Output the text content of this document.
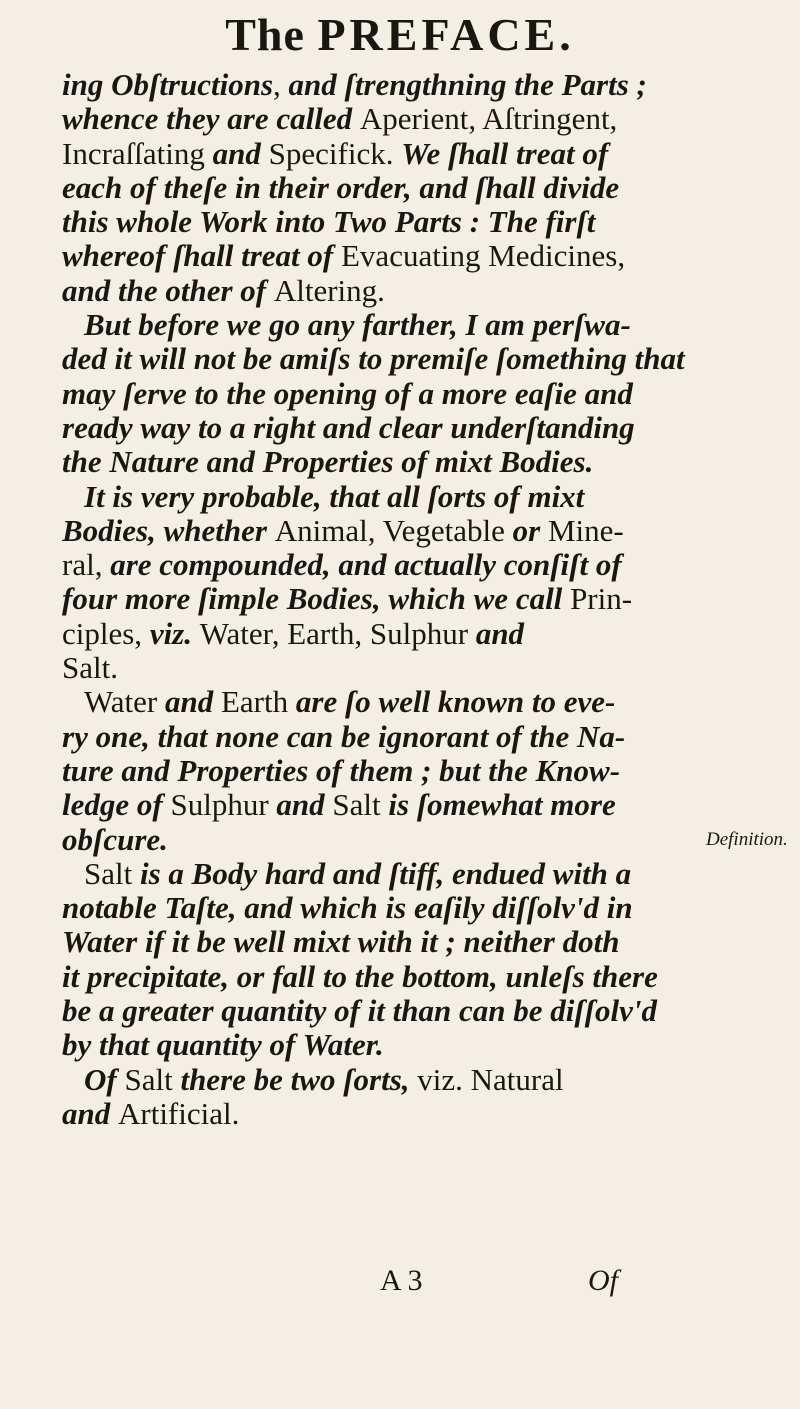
The PREFACE.
ing Obſtructions, and ſtrengthning the Parts ;
whence they are called Aperient, Aſtringent,
Incraſſating and Specifick. We ſhall treat of
each of theſe in their order, and ſhall divide
this whole Work into Two Parts : The firſt
whereof ſhall treat of Evacuating Medicines,
and the other of Altering.
But before we go any farther, I am perſwa-
ded it will not be amiſs to premiſe ſomething that
may ſerve to the opening of a more eaſie and
ready way to a right and clear underſtanding
the Nature and Properties of mixt Bodies.
It is very probable, that all ſorts of mixt
Bodies, whether Animal, Vegetable or Mine-
ral, are compounded, and actually conſiſt of
four more ſimple Bodies, which we call Prin-
ciples, viz. Water, Earth, Sulphur and
Salt.
Water and Earth are ſo well known to eve-
ry one, that none can be ignorant of the Na-
ture and Properties of them ; but the Know-
ledge of Sulphur and Salt is ſomewhat more
obſcure.
Salt is a Body hard and ſtiff, endued with a
notable Taſte, and which is eaſily diſſolv'd in
Water if it be well mixt with it ; neither doth
it precipitate, or fall to the bottom, unleſs there
be a greater quantity of it than can be diſſolv'd
by that quantity of Water.
Of Salt there be two ſorts, viz. Natural
and Artificial.
Definition.
A 3	Of
